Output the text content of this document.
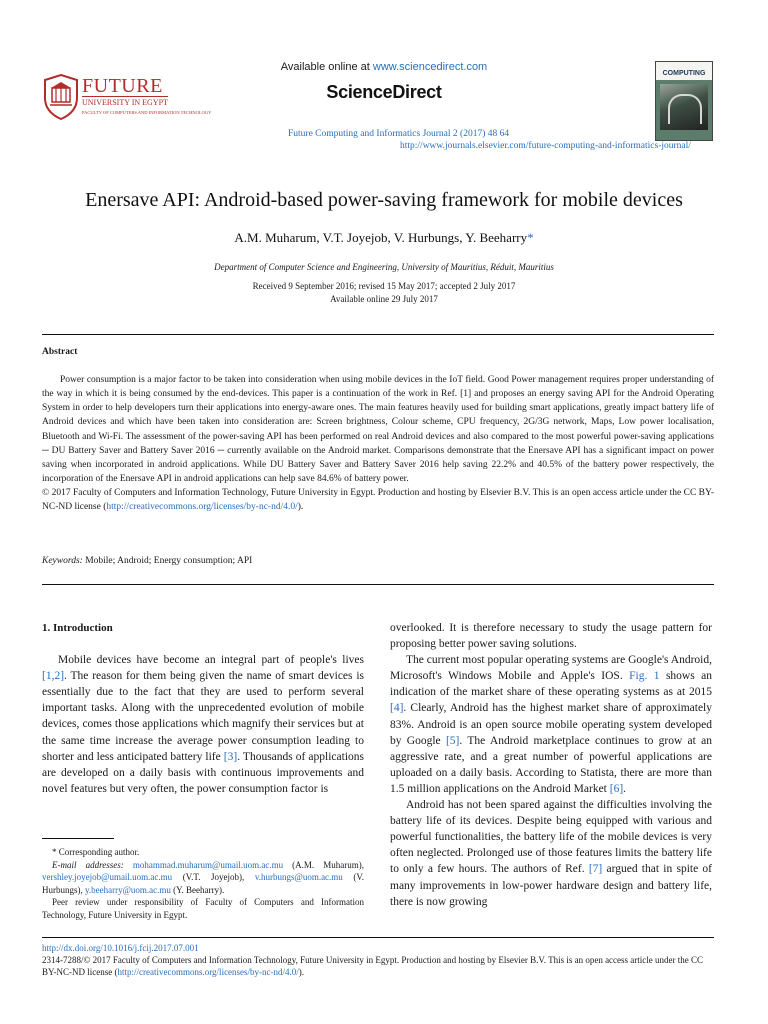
FUTURE
UNIVERSITY IN EGYPT
FACULTY OF COMPUTERS AND INFORMATION TECHNOLOGY
Available online at www.sciencedirect.com
ScienceDirect
Future Computing and Informatics Journal 2 (2017) 48 64
http://www.journals.elsevier.com/future-computing-and-informatics-journal/
COMPUTING
Enersave API: Android-based power-saving framework for mobile devices
A.M. Muharum, V.T. Joyejob, V. Hurbungs, Y. Beeharry*
Department of Computer Science and Engineering, University of Mauritius, Réduit, Mauritius
Received 9 September 2016; revised 15 May 2017; accepted 2 July 2017
Available online 29 July 2017
Abstract

Power consumption is a major factor to be taken into consideration when using mobile devices in the IoT field. Good Power management requires proper understanding of the way in which it is being consumed by the end-devices. This paper is a continuation of the work in Ref. [1] and proposes an energy saving API for the Android Operating System in order to help developers turn their applications into energy-aware ones. The main features heavily used for building smart applications, greatly impact battery life of Android devices and which have been taken into consideration are: Screen brightness, Colour scheme, CPU frequency, 2G/3G network, Maps, Low power localisation, Bluetooth and Wi-Fi. The assessment of the power-saving API has been performed on real Android devices and also compared to the most powerful power-saving applications ─ DU Battery Saver and Battery Saver 2016 ─ currently available on the Android market. Comparisons demonstrate that the Enersave API has a significant impact on power saving when incorporated in android applications. While DU Battery Saver and Battery Saver 2016 help saving 22.2% and 40.5% of the battery power respectively, the incorporation of the Enersave API in android applications can help save 84.6% of battery power.
© 2017 Faculty of Computers and Information Technology, Future University in Egypt. Production and hosting by Elsevier B.V. This is an open access article under the CC BY-NC-ND license (http://creativecommons.org/licenses/by-nc-nd/4.0/).

Keywords: Mobile; Android; Energy consumption; API
1. Introduction

Mobile devices have become an integral part of people's lives [1,2]. The reason for them being given the name of smart devices is essentially due to the fact that they are used to perform several important tasks. Along with the unprecedented evolution of mobile devices, comes those applications which magnify their services but at the same time increase the average power consumption leading to shorter and less anticipated battery life [3]. Thousands of applications are developed on a daily basis with continuous improvements and novel features but very often, the power consumption factor is

overlooked. It is therefore necessary to study the usage pattern for proposing better power saving solutions.

The current most popular operating systems are Google's Android, Microsoft's Windows Mobile and Apple's IOS. Fig. 1 shows an indication of the market share of these operating systems as at 2015 [4]. Clearly, Android has the highest market share of approximately 83%. Android is an open source mobile operating system developed by Google [5]. The Android marketplace continues to grow at an aggressive rate, and a great number of powerful applications are uploaded on a daily basis. According to Statista, there are more than 1.5 million applications on the Android Market [6].

Android has not been spared against the difficulties involving the battery life of its devices. Despite being equipped with various and powerful functionalities, the battery life of the mobile devices is very often neglected. Prolonged use of those features limits the battery life to only a few hours. The authors of Ref. [7] argued that in spite of many improvements in low-power hardware design and battery life, there is now growing

* Corresponding author.

E-mail addresses: mohammad.muharum@umail.uom.ac.mu (A.M. Muharum), vershley.joyejob@umail.uom.ac.mu (V.T. Joyejob), v.hurbungs@uom.ac.mu (V. Hurbungs), y.beeharry@uom.ac.mu (Y. Beeharry).

Peer review under responsibility of Faculty of Computers and Information Technology, Future University in Egypt.

http://dx.doi.org/10.1016/j.fcij.2017.07.001

2314-7288/© 2017 Faculty of Computers and Information Technology, Future University in Egypt. Production and hosting by Elsevier B.V. This is an open access article under the CC BY-NC-ND license (http://creativecommons.org/licenses/by-nc-nd/4.0/).
